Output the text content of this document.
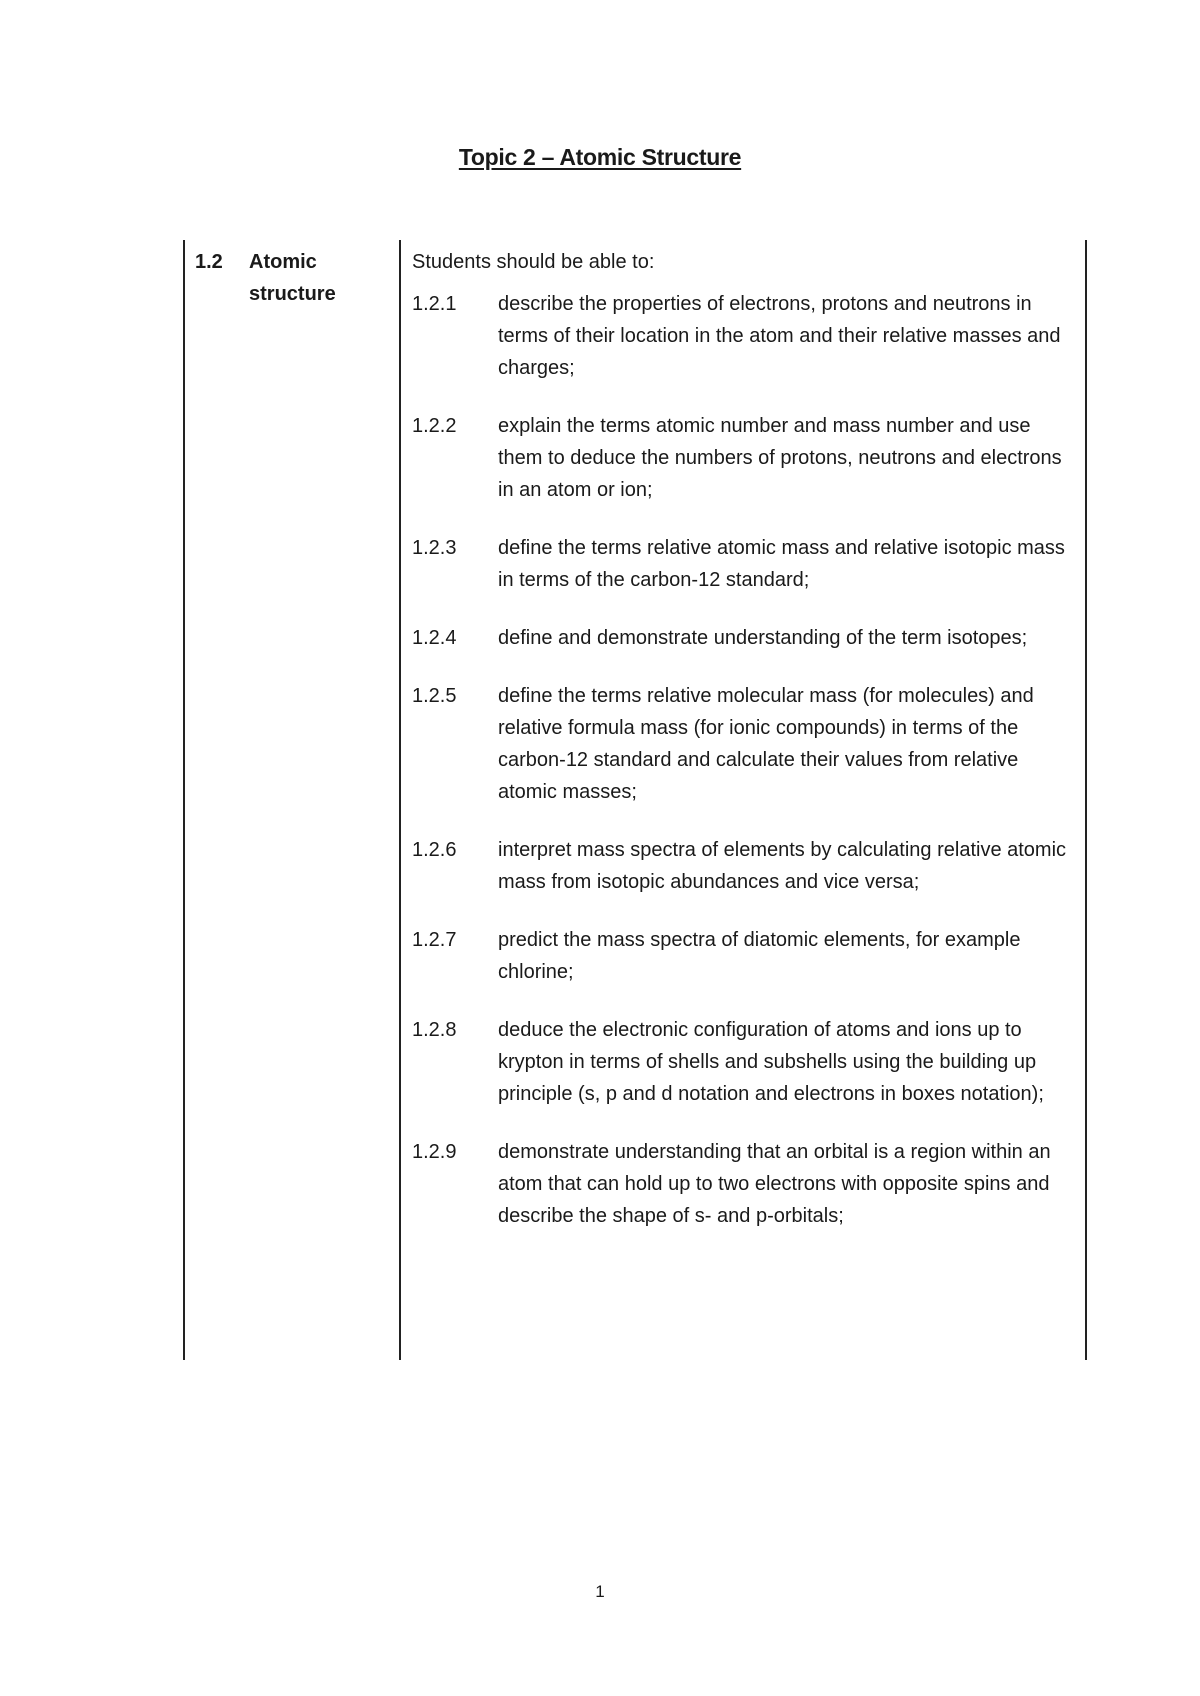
Topic 2 – Atomic Structure
1.2 Atomic structure

Students should be able to:

1.2.1	describe the properties of electrons, protons and neutrons in terms of their location in the atom and their relative masses and charges;
1.2.2	explain the terms atomic number and mass number and use them to deduce the numbers of protons, neutrons and electrons in an atom or ion;
1.2.3	define the terms relative atomic mass and relative isotopic mass in terms of the carbon-12 standard;
1.2.4	define and demonstrate understanding of the term isotopes;
1.2.5	define the terms relative molecular mass (for molecules) and relative formula mass (for ionic compounds) in terms of the carbon-12 standard and calculate their values from relative atomic masses;
1.2.6	interpret mass spectra of elements by calculating relative atomic mass from isotopic abundances and vice versa;
1.2.7	predict the mass spectra of diatomic elements, for example chlorine;
1.2.8	deduce the electronic configuration of atoms and ions up to krypton in terms of shells and subshells using the building up principle (s, p and d notation and electrons in boxes notation);
1.2.9	demonstrate understanding that an orbital is a region within an atom that can hold up to two electrons with opposite spins and describe the shape of s- and p-orbitals;
1
